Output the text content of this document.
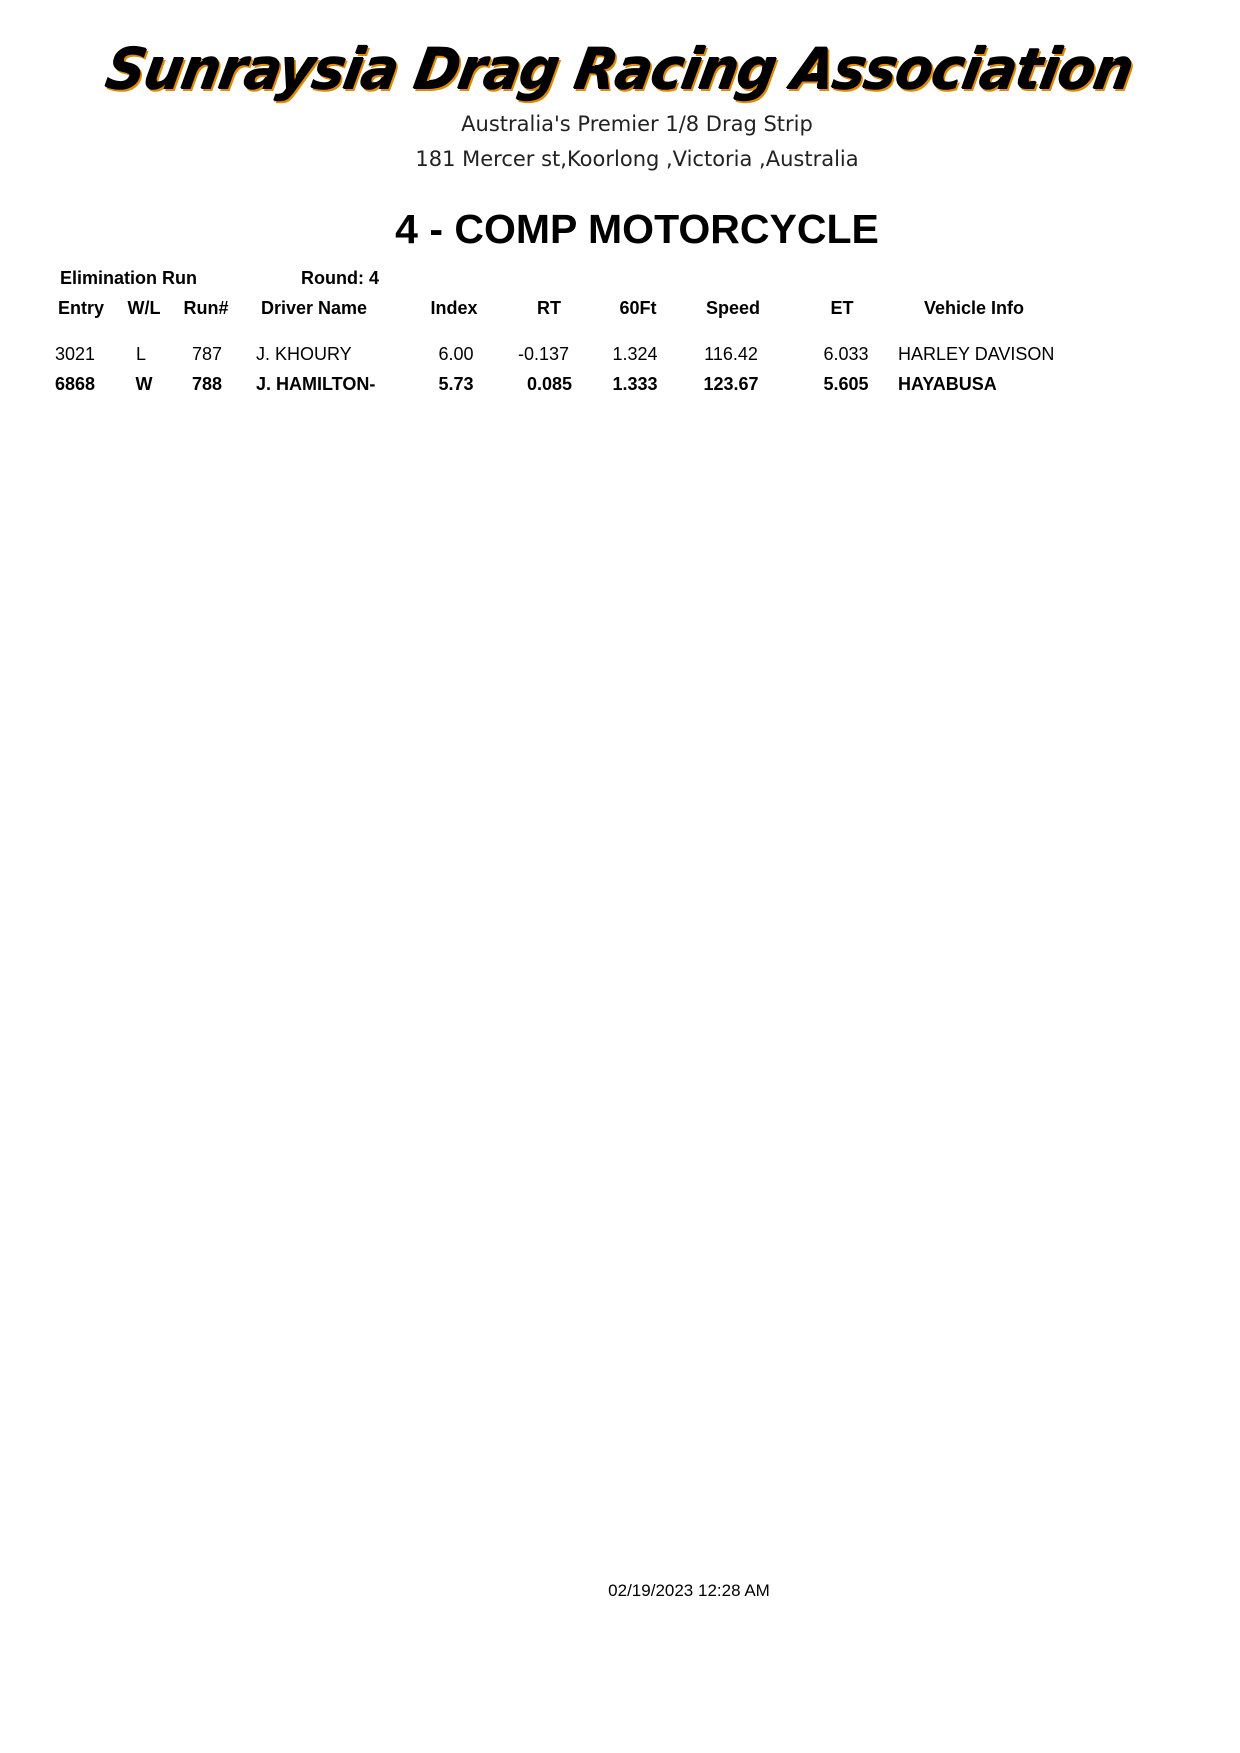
Sunraysia Drag Racing Association
Australia's Premier 1/8 Drag Strip
181 Mercer st,Koorlong ,Victoria ,Australia
4 - COMP MOTORCYCLE
Elimination Run	Round: 4
Entry W/L Run# Driver Name	Index	RT	60Ft	Speed	ET	Vehicle Info
3021 L	787 J. KHOURY	6.00 -0.137 1.324	116.42	6.033 HARLEY DAVISON
6868 W 788 J. HAMILTON-	5.73	0.085 1.333	123.67	5.605 HAYABUSA
02/19/2023 12:28 AM
